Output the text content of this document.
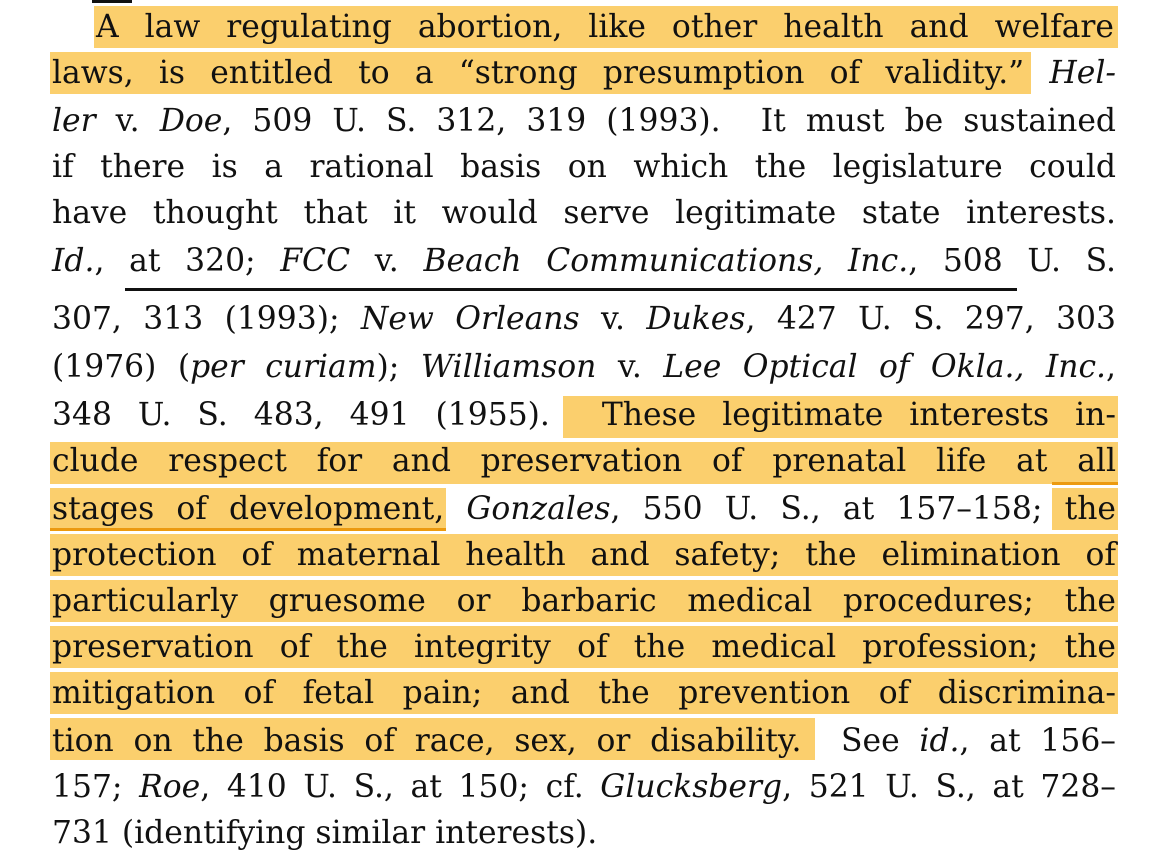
A law regulating abortion, like other health and welfare
laws, is entitled to a “strong presumption of validity.” Hel-
ler v. Doe, 509 U. S. 312, 319 (1993).  It must be sustained
if there is a rational basis on which the legislature could
have thought that it would serve legitimate state interests.
Id., at 320; FCC v. Beach Communications, Inc., 508 U. S.
307, 313 (1993); New Orleans v. Dukes, 427 U. S. 297, 303
(1976) (per curiam); Williamson v. Lee Optical of Okla., Inc.,
348 U. S. 483, 491 (1955).  These legitimate interests in-
clude respect for and preservation of prenatal life at all
stages of development, Gonzales, 550 U. S., at 157–158; the
protection of maternal health and safety; the elimination of
particularly gruesome or barbaric medical procedures; the
preservation of the integrity of the medical profession; the
mitigation of fetal pain; and the prevention of discrimina-
tion on the basis of race, sex, or disability.  See id., at 156–
157; Roe, 410 U. S., at 150; cf. Glucksberg, 521 U. S., at 728–
731 (identifying similar interests).
